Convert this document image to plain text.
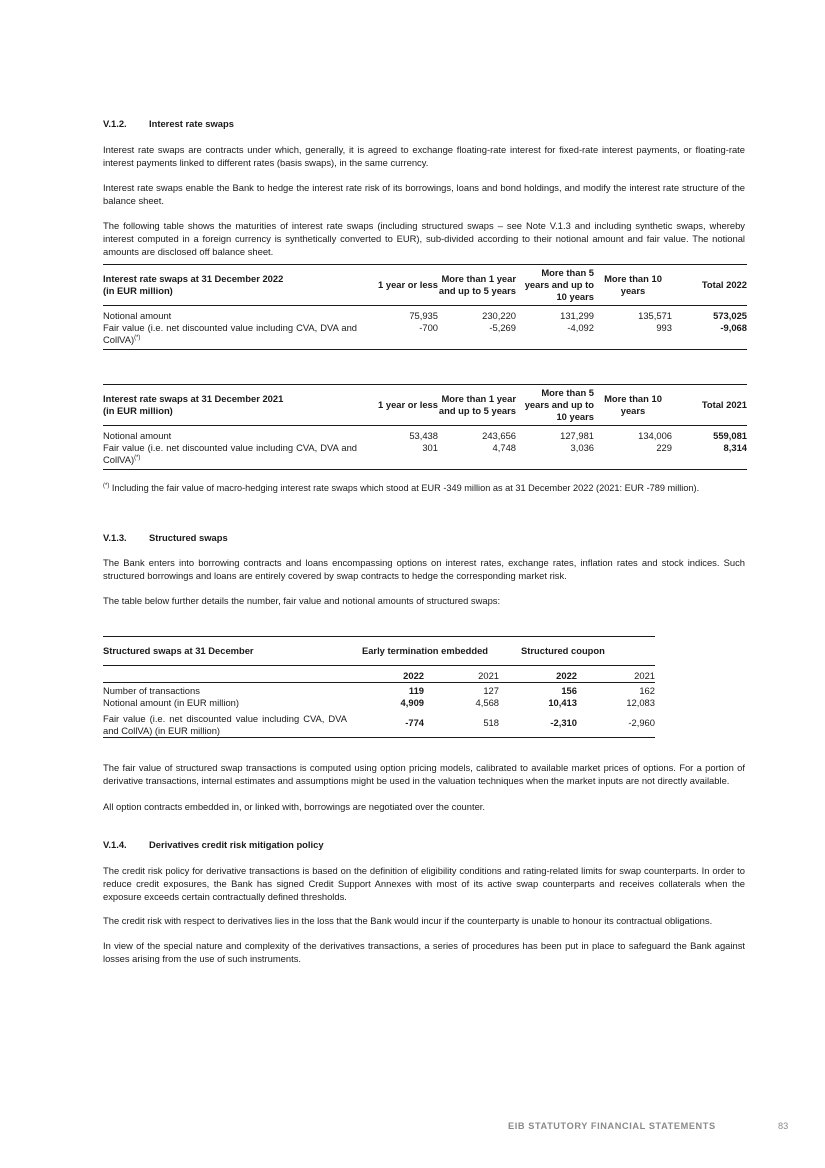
V.1.2. Interest rate swaps

Interest rate swaps are contracts under which, generally, it is agreed to exchange floating-rate interest for fixed-rate interest payments, or floating-rate interest payments linked to different rates (basis swaps), in the same currency.

Interest rate swaps enable the Bank to hedge the interest rate risk of its borrowings, loans and bond holdings, and modify the interest rate structure of the balance sheet.

The following table shows the maturities of interest rate swaps (including structured swaps – see Note V.1.3 and including synthetic swaps, whereby interest computed in a foreign currency is synthetically converted to EUR), sub-divided according to their notional amount and fair value. The notional amounts are disclosed off balance sheet.

Interest rate swaps at 31 December 2022
(in EUR million)	1 year or less	More than 1 year and up to 5 years	More than 5 years and up to 10 years	More than 10 years	Total 2022
Notional amount	75,935	230,220	131,299	135,571	573,025
Fair value (i.e. net discounted value including CVA, DVA and CollVA)(*)	-700	-5,269	-4,092	993	-9,068
Interest rate swaps at 31 December 2021
(in EUR million)	1 year or less	More than 1 year and up to 5 years	More than 5 years and up to 10 years	More than 10 years	Total 2021
Notional amount	53,438	243,656	127,981	134,006	559,081
Fair value (i.e. net discounted value including CVA, DVA and CollVA)(*)	301	4,748	3,036	229	8,314
(*) Including the fair value of macro-hedging interest rate swaps which stood at EUR -349 million as at 31 December 2022 (2021: EUR -789 million).
V.1.3. Structured swaps

The Bank enters into borrowing contracts and loans encompassing options on interest rates, exchange rates, inflation rates and stock indices. Such structured borrowings and loans are entirely covered by swap contracts to hedge the corresponding market risk.

The table below further details the number, fair value and notional amounts of structured swaps:

Structured swaps at 31 December	Early termination embedded		Structured coupon	
	2022	2021	2022	2021
Number of transactions	119	127	156	162
Notional amount (in EUR million)	4,909	4,568	10,413	12,083
Fair value (i.e. net discounted value including CVA, DVA and CollVA) (in EUR million)	-774	518	-2,310	-2,960

The fair value of structured swap transactions is computed using option pricing models, calibrated to available market prices of options. For a portion of derivative transactions, internal estimates and assumptions might be used in the valuation techniques when the market inputs are not directly available.

All option contracts embedded in, or linked with, borrowings are negotiated over the counter.

V.1.4. Derivatives credit risk mitigation policy

The credit risk policy for derivative transactions is based on the definition of eligibility conditions and rating-related limits for swap counterparts. In order to reduce credit exposures, the Bank has signed Credit Support Annexes with most of its active swap counterparts and receives collaterals when the exposure exceeds certain contractually defined thresholds.

The credit risk with respect to derivatives lies in the loss that the Bank would incur if the counterparty is unable to honour its contractual obligations.

In view of the special nature and complexity of the derivatives transactions, a series of procedures has been put in place to safeguard the Bank against losses arising from the use of such instruments.

EIB STATUTORY FINANCIAL STATEMENTS	83
